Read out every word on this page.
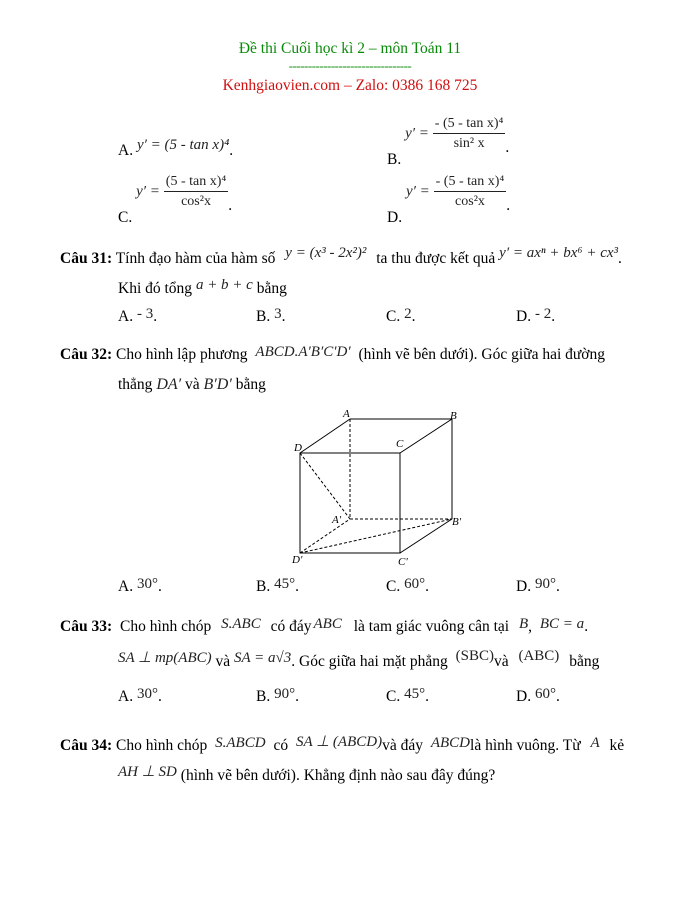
Đề thi Cuối học kì 2 – môn Toán 11
--------------------------------
Kenhgiaovien.com – Zalo: 0386 168 725
A. y′ = (5 - tan x)⁴.
B. $y' = \frac{\text{- (5 - tan x)⁴}}{\text{sin² x}}$ .
C. $y' = \frac{\text{(5 - tan x)⁴}}{\text{cos²x}}$ .
D. $y' = \frac{\text{- (5 - tan x)⁴}}{\text{cos²x}}$ .
Câu 31: Tính đạo hàm của hàm số y = (x³ - 2x²)² ta thu được kết quả y′ = axⁿ + bx⁶ + cx³.
Khi đó tổng a + b + c bằng
A. - 3.	B. 3.	C. 2.	D. - 2.
Câu 32: Cho hình lập phương ABCD.A′B′C′D′ (hình vẽ bên dưới). Góc giữa hai đường
thẳng DA′ và B′D′ bằng
A	B
C
D
A′	B′
C′
D′
A. 30°.	B. 45°.	C. 60°.	D. 90°.
Câu 33: Cho hình chóp S.ABC có đáy ABC là tam giác vuông cân tại B, BC = a.
SA ⊥ mp(ABC) và SA = a√3. Góc giữa hai mặt phẳng (SBC)và (ABC) bằng
A. 30°.	B. 90°.	C. 45°.	D. 60°.
Câu 34: Cho hình chóp S.ABCD có SA ⊥ (ABCD)và đáy ABCDlà hình vuông. Từ A kẻ
AH ⊥ SD (hình vẽ bên dưới). Khẳng định nào sau đây đúng?
